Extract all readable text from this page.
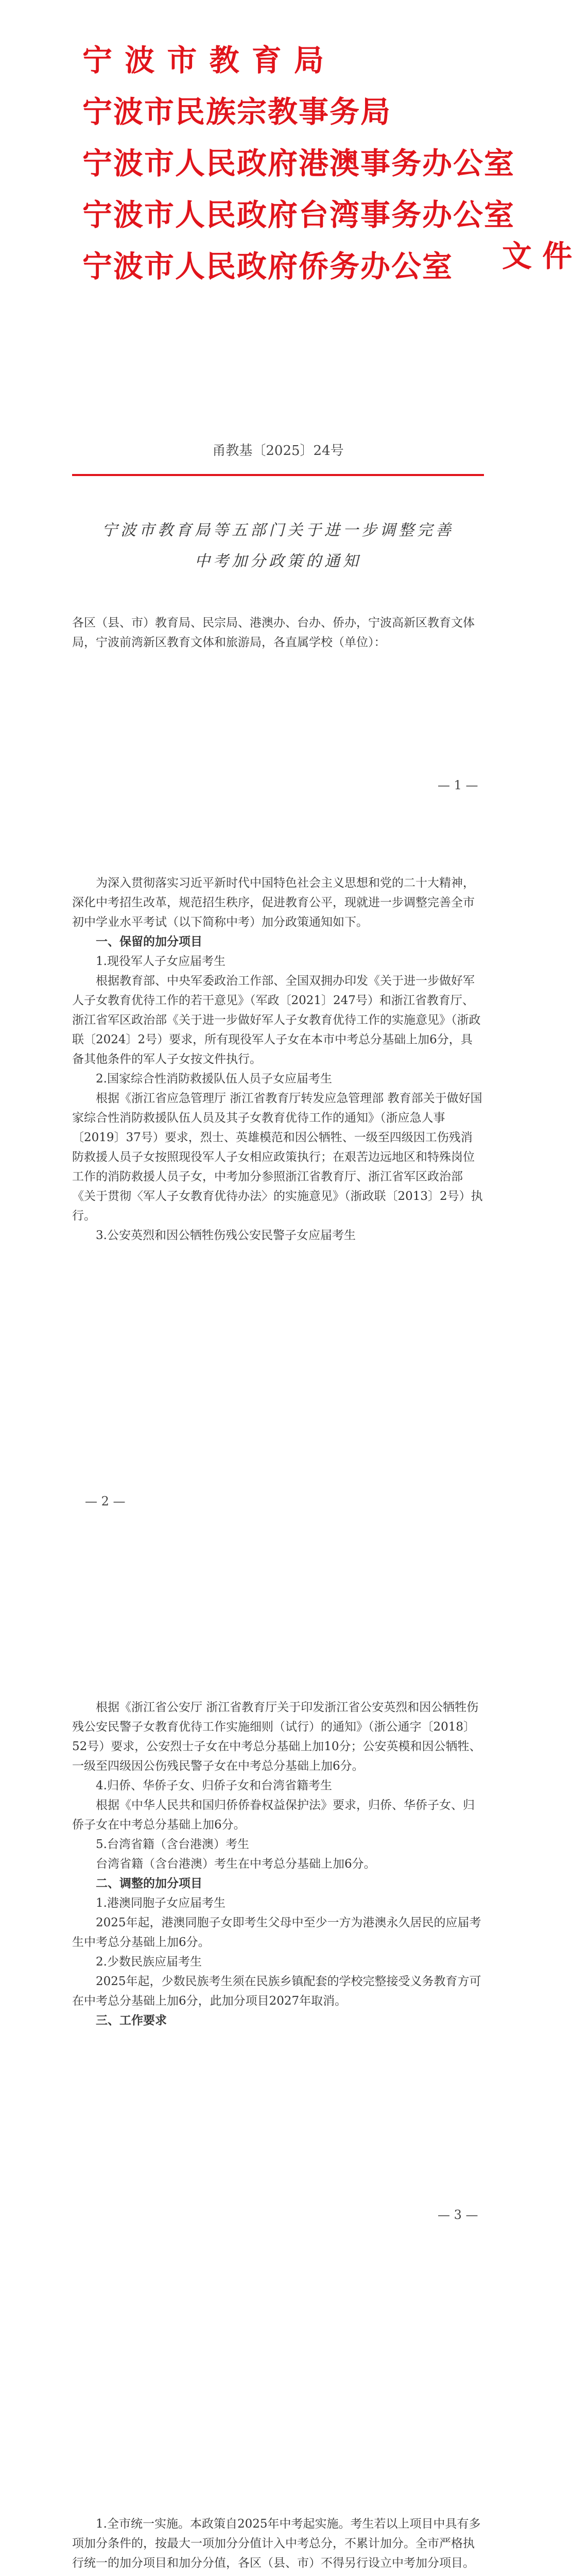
宁 波 市 教 育 局
宁波市民族宗教事务局
宁波市人民政府港澳事务办公室
宁波市人民政府台湾事务办公室
宁波市人民政府侨务办公室	文 件
甬教基〔2025〕24号
宁波市教育局等五部门关于进一步调整完善
中考加分政策的通知

各区（县、市）教育局、民宗局、港澳办、台办、侨办，宁波高新区教育文体局，宁波前湾新区教育文体和旅游局，各直属学校（单位）：

— 1 —

为深入贯彻落实习近平新时代中国特色社会主义思想和党的二十大精神，深化中考招生改革，规范招生秩序，促进教育公平，现就进一步调整完善全市初中学业水平考试（以下简称中考）加分政策通知如下。

一、保留的加分项目

1.现役军人子女应届考生

根据教育部、中央军委政治工作部、全国双拥办印发《关于进一步做好军人子女教育优待工作的若干意见》（军政〔2021〕247号）和浙江省教育厅、浙江省军区政治部《关于进一步做好军人子女教育优待工作的实施意见》（浙政联〔2024〕2号）要求，所有现役军人子女在本市中考总分基础上加6分，具备其他条件的军人子女按文件执行。

2.国家综合性消防救援队伍人员子女应届考生

根据《浙江省应急管理厅 浙江省教育厅转发应急管理部 教育部关于做好国家综合性消防救援队伍人员及其子女教育优待工作的通知》（浙应急人事〔2019〕37号）要求，烈士、英雄模范和因公牺牲、一级至四级因工伤残消防救援人员子女按照现役军人子女相应政策执行；在艰苦边远地区和特殊岗位工作的消防救援人员子女，中考加分参照浙江省教育厅、浙江省军区政治部《关于贯彻〈军人子女教育优待办法〉的实施意见》（浙政联〔2013〕2号）执行。

3.公安英烈和因公牺牲伤残公安民警子女应届考生

— 2 —

根据《浙江省公安厅 浙江省教育厅关于印发浙江省公安英烈和因公牺牲伤残公安民警子女教育优待工作实施细则（试行）的通知》（浙公通字〔2018〕52号）要求，公安烈士子女在中考总分基础上加10分；公安英模和因公牺牲、一级至四级因公伤残民警子女在中考总分基础上加6分。

4.归侨、华侨子女、归侨子女和台湾省籍考生

根据《中华人民共和国归侨侨眷权益保护法》要求，归侨、华侨子女、归侨子女在中考总分基础上加6分。

5.台湾省籍（含台港澳）考生

台湾省籍（含台港澳）考生在中考总分基础上加6分。

二、调整的加分项目

1.港澳同胞子女应届考生

2025年起，港澳同胞子女即考生父母中至少一方为港澳永久居民的应届考生中考总分基础上加6分。

2.少数民族应届考生

2025年起，少数民族考生须在民族乡镇配套的学校完整接受义务教育方可在中考总分基础上加6分，此加分项目2027年取消。

三、工作要求

— 3 —

1.全市统一实施。本政策自2025年中考起实施。考生若以上项目中具有多项加分条件的，按最大一项加分分值计入中考总分，不累计加分。全市严格执行统一的加分项目和加分分值，各区（县、市）不得另行设立中考加分项目。
